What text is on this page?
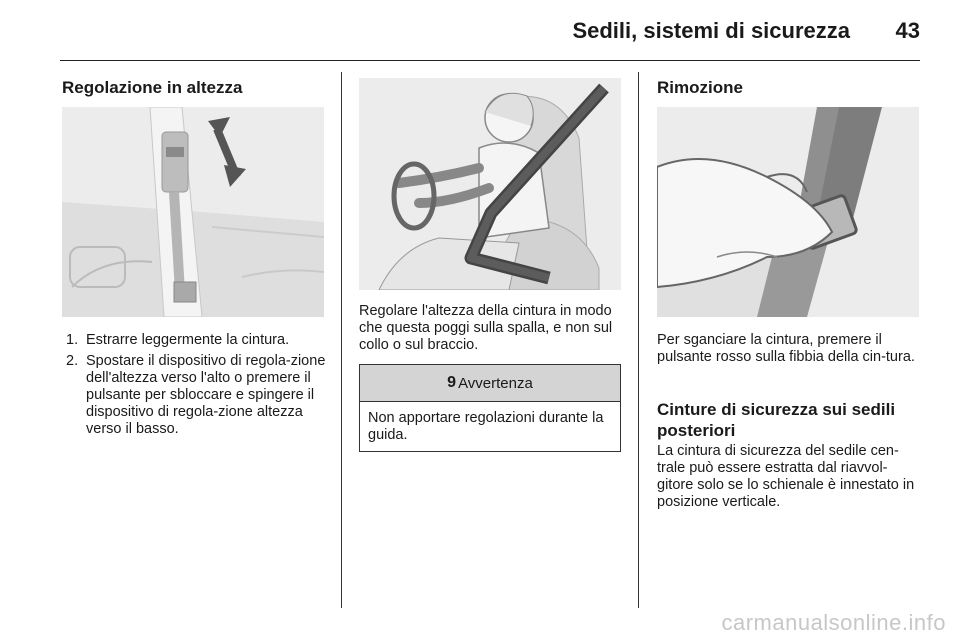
Sedili, sistemi di sicurezza 43
Regolazione in altezza
1. Estrarre leggermente la cintura.
2. Spostare il dispositivo di regola-zione dell'altezza verso l'alto o premere il pulsante per sbloccare e spingere il dispositivo di regola-zione altezza verso il basso.

Regolare l'altezza della cintura in modo che questa poggi sulla spalla, e non sul collo o sul braccio.

9 Avvertenza
Non apportare regolazioni durante la guida.
Rimozione

Per sganciare la cintura, premere il pulsante rosso sulla fibbia della cin-tura.

Cinture di sicurezza sui sedili posteriori

La cintura di sicurezza del sedile cen-trale può essere estratta dal riavvol-gitore solo se lo schienale è innestato in posizione verticale.

carmanualsonline.info
